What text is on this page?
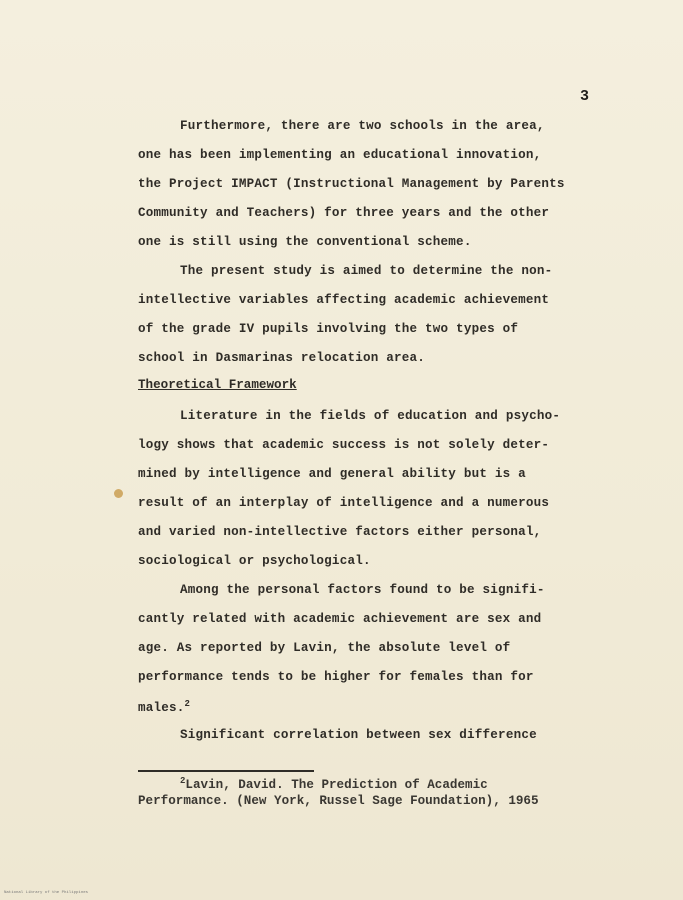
3
Furthermore, there are two schools in the area,
one has been implementing an educational innovation,
the Project IMPACT (Instructional Management by Parents
Community and Teachers) for three years and the other
one is still using the conventional scheme.
The present study is aimed to determine the non-
intellective variables affecting academic achievement
of the grade IV pupils involving the two types of
school in Dasmarinas relocation area.
Theoretical Framework
Literature in the fields of education and psycho-
logy shows that academic success is not solely deter-
mined by intelligence and general ability but is a
result of an interplay of intelligence and a numerous
and varied non-intellective factors either personal,
sociological or psychological.
Among the personal factors found to be signifi-
cantly related with academic achievement are sex and
age. As reported by Lavin, the absolute level of
performance tends to be higher for females than for
males.$^2$
Significant correlation between sex difference
$^2$Lavin, David. The Prediction of Academic
Performance. (New York, Russel Sage Foundation), 1965
National Library of the Philippines
